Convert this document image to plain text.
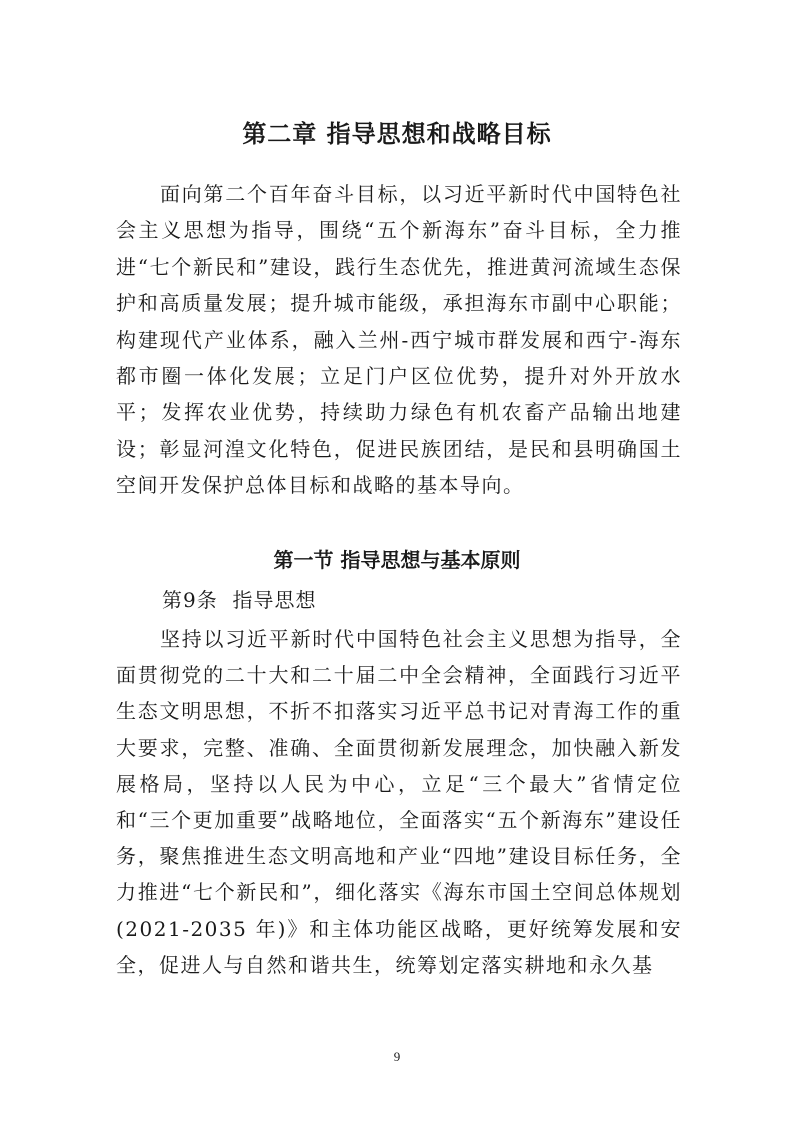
第二章 指导思想和战略目标

面向第二个百年奋斗目标，以习近平新时代中国特色社会主义思想为指导，围绕“五个新海东”奋斗目标，全力推进“七个新民和”建设，践行生态优先，推进黄河流域生态保护和高质量发展；提升城市能级，承担海东市副中心职能；构建现代产业体系，融入兰州-西宁城市群发展和西宁-海东都市圈一体化发展；立足门户区位优势，提升对外开放水平；发挥农业优势，持续助力绿色有机农畜产品输出地建设；彰显河湟文化特色，促进民族团结，是民和县明确国土空间开发保护总体目标和战略的基本导向。

第一节 指导思想与基本原则
第9条  指导思想

坚持以习近平新时代中国特色社会主义思想为指导，全面贯彻党的二十大和二十届二中全会精神，全面践行习近平生态文明思想，不折不扣落实习近平总书记对青海工作的重大要求，完整、准确、全面贯彻新发展理念，加快融入新发展格局，坚持以人民为中心，立足“三个最大”省情定位和“三个更加重要”战略地位，全面落实“五个新海东”建设任务，聚焦推进生态文明高地和产业“四地”建设目标任务，全力推进“七个新民和”，细化落实《海东市国土空间总体规划(2021-2035 年)》和主体功能区战略，更好统筹发展和安全，促进人与自然和谐共生，统筹划定落实耕地和永久基

9
